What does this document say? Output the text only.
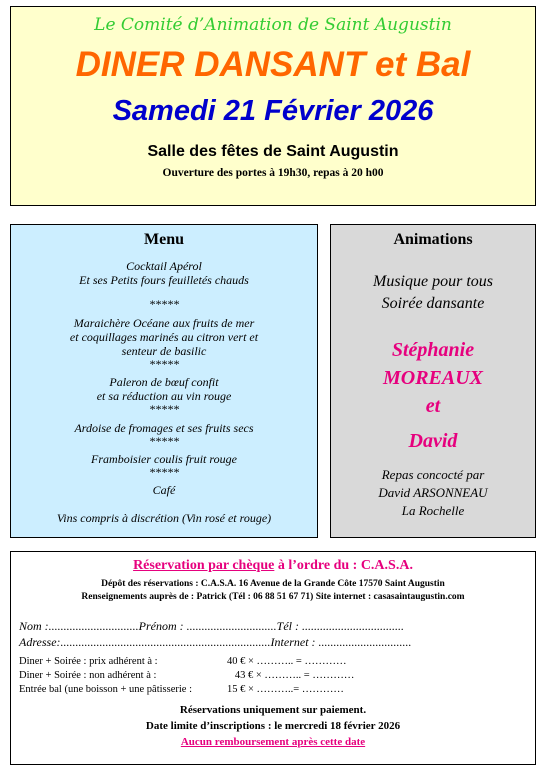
Le Comité d’Animation de Saint Augustin
DINER DANSANT et Bal
Samedi 21 Février 2026
Salle des fêtes de Saint Augustin
Ouverture des portes à 19h30, repas à 20 h00
Menu
Cocktail Apérol
Et ses Petits fours feuilletés chauds
*****
Maraichère Océane aux fruits de mer
et coquillages marinés au citron vert et
senteur de basilic
*****
Paleron de bœuf confit
et sa réduction au vin rouge
*****
Ardoise de fromages et ses fruits secs
*****
Framboisier coulis fruit rouge
*****
Café
Vins compris à discrétion (Vin rosé et rouge)
Animations
Musique pour tous
Soirée dansante
Stéphanie
MOREAUX
et
David
Repas concocté par
David ARSONNEAU
La Rochelle
Réservation par chèque à l’ordre du : C.A.S.A.
Dépôt des réservations : C.A.S.A. 16 Avenue de la Grande Côte 17570 Saint Augustin
Renseignements auprès de : Patrick (Tél : 06 88 51 67 71) Site internet : casasaintaugustin.com
Nom :..............................Prénom : ..............................Tél : ..................................
Adresse:......................................................................Internet : ...............................
Diner + Soirée : prix adhérent à :	40 € × ……….. = …………
Diner + Soirée : non adhérent à :	43 € × ……….. = …………
Entrée bal (une boisson + une pâtisserie :	15 € × ………..= …………
Réservations uniquement sur paiement.
Date limite d’inscriptions : le mercredi 18 février 2026
Aucun remboursement après cette date
